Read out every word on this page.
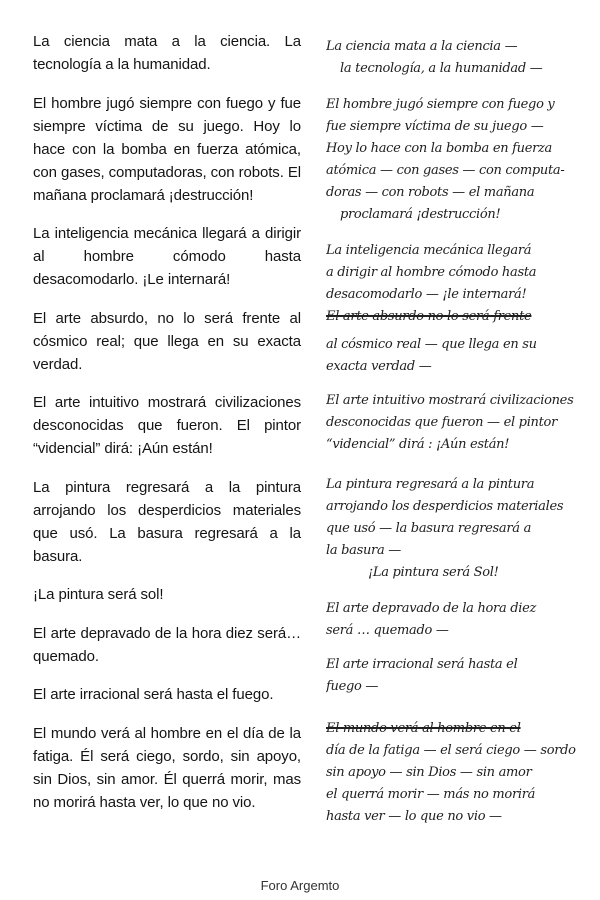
La ciencia mata a la ciencia. La tecnología a la humanidad.

El hombre jugó siempre con fuego y fue siempre víctima de su juego. Hoy lo hace con la bomba en fuerza atómica, con gases, computadoras, con robots. El mañana proclamará ¡destrucción!

La inteligencia mecánica llegará a dirigir al hombre cómodo hasta desacomodarlo. ¡Le internará!

El arte absurdo, no lo será frente al cósmico real; que llega en su exacta verdad.

El arte intuitivo mostrará civilizaciones desconocidas que fueron. El pintor “videncial” dirá: ¡Aún están!

La pintura regresará a la pintura arrojando los desperdicios materiales que usó. La basura regresará a la basura.

¡La pintura será sol!

El arte depravado de la hora diez será… quemado.

El arte irracional será hasta el fuego.

El mundo verá al hombre en el día de la fatiga. Él será ciego, sordo, sin apoyo, sin Dios, sin amor. Él querrá morir, mas no morirá hasta ver, lo que no vio.

La ciencia mata a la ciencia —
la tecnología, a la humanidad —
El hombre jugó siempre con fuego y
fue siempre víctima de su juego —
Hoy lo hace con la bomba en fuerza
atómica — con gases — con computa-
doras — con robots — el mañana
proclamará ¡destrucción!
La inteligencia mecánica llegará
a dirigir al hombre cómodo hasta
desacomodarlo — ¡le internará!
El arte absurdo no lo será frente
al cósmico real — que llega en su
exacta verdad —
El arte intuitivo mostrará civilizaciones
desconocidas que fueron — el pintor
“videncial” dirá : ¡Aún están!
La pintura regresará a la pintura
arrojando los desperdicios materiales
que usó — la basura regresará a
la basura —
¡La pintura será Sol!
El arte depravado de la hora diez
será … quemado —
El arte irracional será hasta el
fuego —
El mundo verá al hombre en el
día de la fatiga — el será ciego — sordo
sin apoyo — sin Dios — sin amor
el querrá morir — más no morirá
hasta ver — lo que no vio —
Foro Argemto
